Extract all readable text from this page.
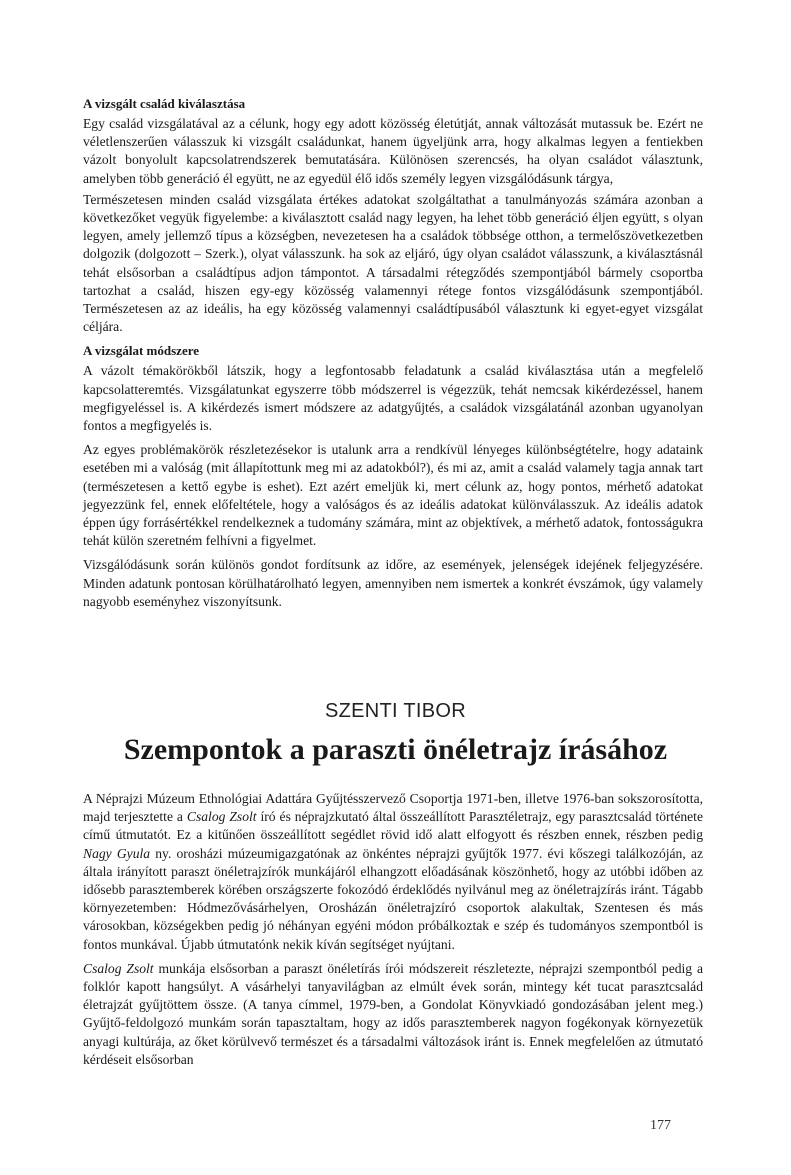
A vizsgált család kiválasztása

Egy család vizsgálatával az a célunk, hogy egy adott közösség életútját, annak változását mutassuk be. Ezért ne véletlenszerűen válasszuk ki vizsgált családunkat, hanem ügyeljünk arra, hogy alkalmas legyen a fentiekben vázolt bonyolult kapcsolatrendszerek bemutatására. Különösen szerencsés, ha olyan családot választunk, amelyben több generáció él együtt, ne az egyedül élő idős személy legyen vizsgálódásunk tárgya,

Természetesen minden család vizsgálata értékes adatokat szolgáltathat a tanulmányozás számára azonban a következőket vegyük figyelembe: a kiválasztott család nagy legyen, ha lehet több generáció éljen együtt, s olyan legyen, amely jellemző típus a községben, nevezetesen ha a családok többsége otthon, a termelőszövetkezetben dolgozik (dolgozott – Szerk.), olyat válasszunk. ha sok az eljáró, úgy olyan családot válasszunk, a kiválasztásnál tehát elsősorban a családtípus adjon támpontot. A társadalmi rétegződés szempontjából bármely csoportba tartozhat a család, hiszen egy-egy közösség valamennyi rétege fontos vizsgálódásunk szempontjából. Természetesen az az ideális, ha egy közösség valamennyi családtípusából választunk ki egyet-egyet vizsgálat céljára.

A vizsgálat módszere

A vázolt témakörökből látszik, hogy a legfontosabb feladatunk a család kiválasztása után a megfelelő kapcsolatteremtés. Vizsgálatunkat egyszerre több módszerrel is végezzük, tehát nemcsak kikérdezéssel, hanem megfigyeléssel is. A kikérdezés ismert módszere az adatgyűjtés, a családok vizsgálatánál azonban ugyanolyan fontos a megfigyelés is.

Az egyes problémakörök részletezésekor is utalunk arra a rendkívül lényeges különbségtételre, hogy adataink esetében mi a valóság (mit állapítottunk meg mi az adatokból?), és mi az, amit a család valamely tagja annak tart (természetesen a kettő egybe is eshet). Ezt azért emeljük ki, mert célunk az, hogy pontos, mérhető adatokat jegyezzünk fel, ennek előfeltétele, hogy a valóságos és az ideális adatokat különválasszuk. Az ideális adatok éppen úgy forrásértékkel rendelkeznek a tudomány számára, mint az objektívek, a mérhető adatok, fontosságukra tehát külön szeretném felhívni a figyelmet.

Vizsgálódásunk során különös gondot fordítsunk az időre, az események, jelenségek idejének feljegyzésére. Minden adatunk pontosan körülhatárolható legyen, amennyiben nem ismertek a konkrét évszámok, úgy valamely nagyobb eseményhez viszonyítsunk.

SZENTI TIBOR
Szempontok a paraszti önéletrajz írásához

A Néprajzi Múzeum Ethnológiai Adattára Gyűjtésszervező Csoportja 1971-ben, illetve 1976-ban sokszorosította, majd terjesztette a Csalog Zsolt író és néprajzkutató által összeállított Parasztéletrajz, egy parasztcsalád története című útmutatót. Ez a kitűnően összeállított segédlet rövid idő alatt elfogyott és részben ennek, részben pedig Nagy Gyula ny. orosházi múzeumigazgatónak az önkéntes néprajzi gyűjtők 1977. évi kőszegi találkozóján, az általa irányított paraszt önéletrajzírók munkájáról elhangzott előadásának köszönhető, hogy az utóbbi időben az idősebb parasztemberek körében országszerte fokozódó érdeklődés nyilvánul meg az önéletrajzírás iránt. Tágabb környezetemben: Hódmezővásárhelyen, Orosházán önéletrajzíró csoportok alakultak, Szentesen és más városokban, községekben pedig jó néhányan egyéni módon próbálkoztak e szép és tudományos szempontból is fontos munkával. Újabb útmutatónk nekik kíván segítséget nyújtani.

Csalog Zsolt munkája elsősorban a paraszt önéletírás írói módszereit részletezte, néprajzi szempontból pedig a folklór kapott hangsúlyt. A vásárhelyi tanyavilágban az elmúlt évek során, mintegy két tucat parasztcsalád életrajzát gyűjtöttem össze. (A tanya címmel, 1979-ben, a Gondolat Könyvkiadó gondozásában jelent meg.) Gyűjtő-feldolgozó munkám során tapasztaltam, hogy az idős parasztemberek nagyon fogékonyak környezetük anyagi kultúrája, az őket körülvevő természet és a társadalmi változások iránt is. Ennek megfelelően az útmutató kérdéseit elsősorban

177
